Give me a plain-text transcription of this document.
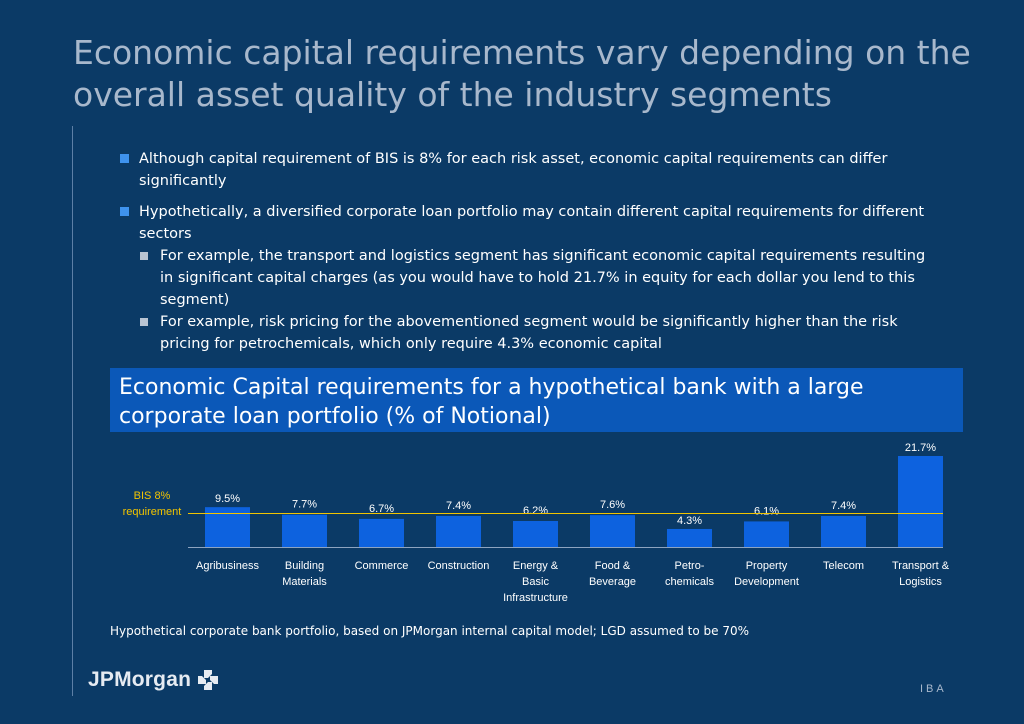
Economic capital requirements vary depending on the overall asset quality of the industry segments
Although capital requirement of BIS is 8% for each risk asset, economic capital requirements can differ significantly
Hypothetically, a diversified corporate loan portfolio may contain different capital requirements for different sectors
For example, the transport and logistics segment has significant economic capital requirements resulting in significant capital charges (as you would have to hold 21.7% in equity for each dollar you lend to this segment)
For example, risk pricing for the abovementioned segment would be significantly higher than the risk pricing for petrochemicals, which only require 4.3% economic capital
Economic Capital requirements for a hypothetical bank with a large corporate loan portfolio (% of Notional)
9.5%
Agribusiness
7.7%
Building
Materials
6.7%
Commerce
7.4%
Construction
6.2%
Energy &
Basic
Infrastructure
7.6%
Food &
Beverage
4.3%
Petro-
chemicals
6.1%
Property
Development
7.4%
Telecom
21.7%
Transport &
Logistics
BIS 8%
requirement
Hypothetical corporate bank portfolio, based on JPMorgan internal capital model; LGD assumed to be 70%
JPMorgan	IBA
